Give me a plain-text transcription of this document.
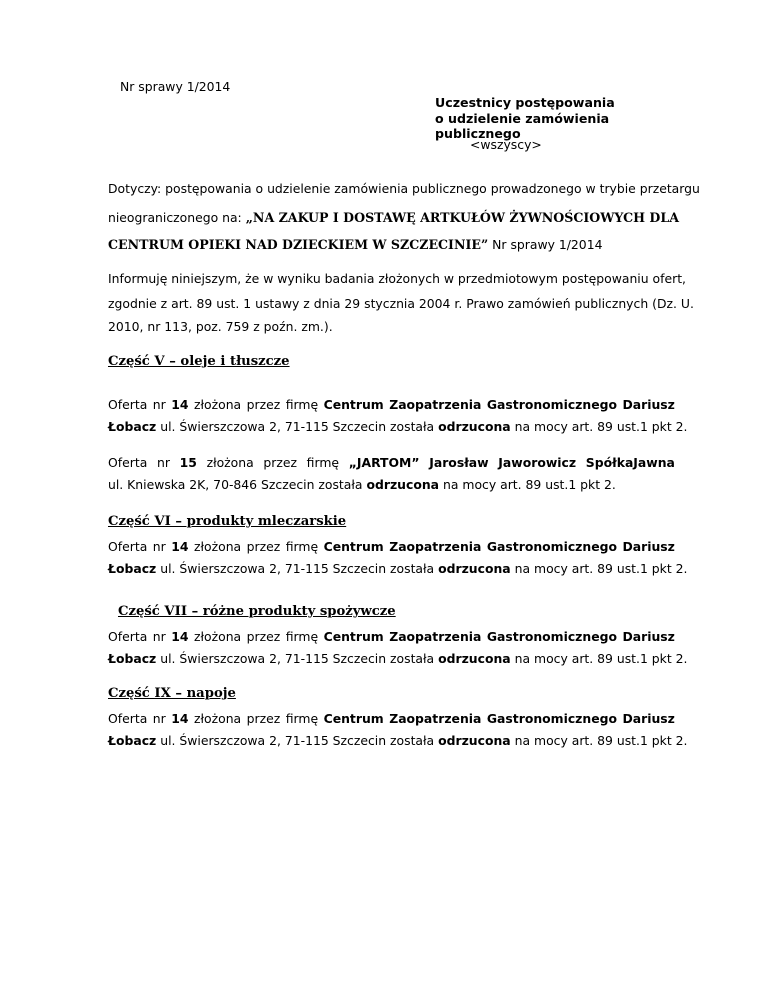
Nr sprawy 1/2014
Uczestnicy postępowania
o udzielenie zamówienia
publicznego
<wszyscy>
Dotyczy: postępowania o udzielenie zamówienia publicznego prowadzonego w trybie przetargu
nieograniczonego na: „NA ZAKUP I DOSTAWĘ ARTKUŁÓW ŻYWNOŚCIOWYCH DLA
CENTRUM OPIEKI NAD DZIECKIEM W SZCZECINIE” Nr sprawy 1/2014
Informuję niniejszym, że w wyniku badania złożonych w przedmiotowym postępowaniu ofert,
zgodnie z art. 89 ust. 1 ustawy z dnia 29 stycznia 2004 r. Prawo zamówień publicznych (Dz. U.
2010, nr 113, poz. 759 z poźn. zm.).
Część V – oleje i tłuszcze
Oferta nr 14 złożona przez firmę Centrum Zaopatrzenia Gastronomicznego Dariusz
Łobacz ul. Świerszczowa 2, 71-115 Szczecin została odrzucona na mocy art. 89 ust.1 pkt 2.
Oferta nr 15 złożona przez firmę „JARTOM” Jarosław Jaworowicz SpółkaJawna
ul. Kniewska 2K, 70-846 Szczecin została odrzucona na mocy art. 89 ust.1 pkt 2.
Część VI – produkty mleczarskie
Oferta nr 14 złożona przez firmę Centrum Zaopatrzenia Gastronomicznego Dariusz
Łobacz ul. Świerszczowa 2, 71-115 Szczecin została odrzucona na mocy art. 89 ust.1 pkt 2.
Część VII – różne produkty spożywcze
Oferta nr 14 złożona przez firmę Centrum Zaopatrzenia Gastronomicznego Dariusz
Łobacz ul. Świerszczowa 2, 71-115 Szczecin została odrzucona na mocy art. 89 ust.1 pkt 2.
Część IX – napoje
Oferta nr 14 złożona przez firmę Centrum Zaopatrzenia Gastronomicznego Dariusz
Łobacz ul. Świerszczowa 2, 71-115 Szczecin została odrzucona na mocy art. 89 ust.1 pkt 2.
